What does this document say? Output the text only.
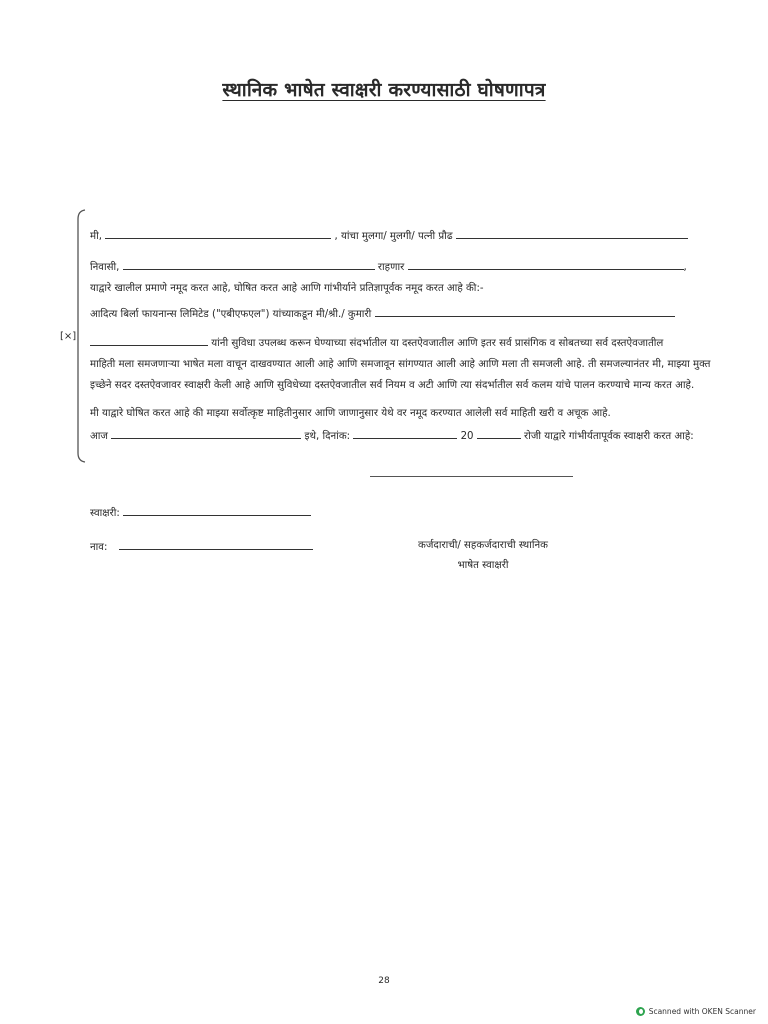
स्थानिक भाषेत स्वाक्षरी करण्यासाठी घोषणापत्र
[×]
मी,	, यांचा मुलगा/ मुलगी/ पत्नी प्रौढ
निवासी,	राहणार	,
याद्वारे खालील प्रमाणे नमूद करत आहे, घोषित करत आहे आणि गांभीर्याने प्रतिज्ञापूर्वक नमूद करत आहे की:-
आदित्य बिर्ला फायनान्स लिमिटेड ("एबीएफएल") यांच्याकडून मी/श्री./ कुमारी
यांनी सुविधा उपलब्ध करून घेण्याच्या संदर्भातील या दस्तऐवजातील आणि इतर सर्व प्रासंगिक व सोबतच्या सर्व दस्तऐवजातील
माहिती मला समजणाऱ्या भाषेत मला वाचून दाखवण्यात आली आहे आणि समजावून सांगण्यात आली आहे आणि मला ती समजली आहे. ती समजल्यानंतर मी, माझ्या मुक्त
इच्छेने सदर दस्तऐवजावर स्वाक्षरी केली आहे आणि सुविधेच्या दस्तऐवजातील सर्व नियम व अटी आणि त्या संदर्भातील सर्व कलम यांचे पालन करण्याचे मान्य करत आहे.
मी याद्वारे घोषित करत आहे की माझ्या सर्वोत्कृष्ट माहितीनुसार आणि जाणानुसार येथे वर नमूद करण्यात आलेली सर्व माहिती खरी व अचूक आहे.
आज	इथे, दिनांक:	20	रोजी याद्वारे गांभीर्यतापूर्वक स्वाक्षरी करत आहे:
स्वाक्षरी:
नाव:	कर्जदाराची/ सहकर्जदाराची स्थानिक
भाषेत स्वाक्षरी
28
Scanned with OKEN Scanner
